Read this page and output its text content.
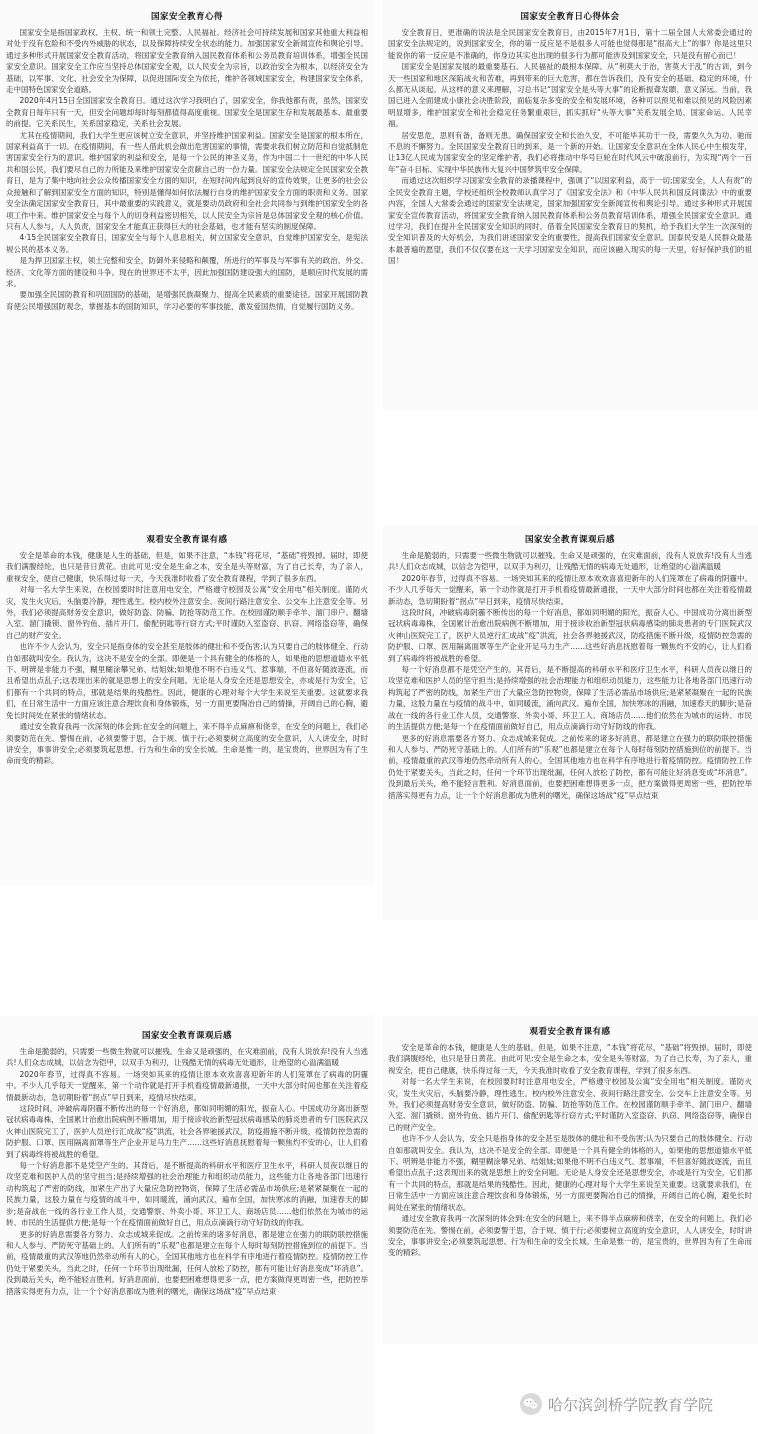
国家安全教育心得

国家安全是指国家政权、主权、统一和领土完整、人民福祉、经济社会可持续发展和国家其他重大利益相对处于没有危险和不受内外威胁的状态，以及保障持续安全状态的能力。加强国家安全新闻宣传和舆论引导。通过多种形式开展国家安全教育活动，将国家安全教育纳入国民教育体系和公务员教育培训体系，增强全民国家安全意识。国家安全工作应当坚持总体国家安全观，以人民安全为宗旨，以政治安全为根本，以经济安全为基础，以军事、文化、社会安全为保障，以促进国际安全为依托，维护各领域国家安全，构建国家安全体系，走中国特色国家安全道路。

2020年4月15日全国国家安全教育日。通过这次学习我明白了，国家安全，你我他都有责，虽然，国家安全教育日每年只有一天，但安全问题却每时每刻都值得高度重视。国家安全是国家生存和发展最基本、最重要的前提。它关系民生，关系国家稳定，关系社会发展。

尤其在疫情期间，我们大学生更应该树立安全意识，并坚持维护国家利益。国家安全是国家的根本所在，国家利益高于一切。在疫情期间，有一些人借此机会做出危害国家的事情，需要求我们树立防范和自觉抵制危害国家安全行为的意识。维护国家的利益和安全，是每一个公民的神圣义务，作为中国二十一世纪的中华人民共和国公民，我们要尽自己的力所能及来维护国家安全贡献自己的一份力量。国家安全法规定全民国家安全教育日，是为了集中地向社会公众传播国家安全方面的知识，在短时间内起到良好的宣传效果，让更多的社会公众接触和了解到国家安全方面的知识，特别是懂得如何依法履行自身的维护国家安全方面的职责和义务。国家安全法确定国家安全教育日，其中最重要的实践意义，就是要动员政府和全社会共同参与到维护国家安全的各项工作中来。维护国家安全与每个人的切身利益密切相关，以人民安全为宗旨是总体国家安全观的核心价值。只有人人参与，人人负责，国家安全才能真正获得巨大的社会基础，也才能有坚实的制度保障。

4·15全民国家安全教育日，国家安全与每个人息息相关，树立国家安全意识，自觉维护国家安全，是宪法规公民的基本义务。

是为捍卫国家主权，领土完整和安全，防御外来侵略和颠覆，所进行的军事及与军事有关的政治、外交、经济、文化等方面的建设和斗争。现在的世界还不太平，因此加强国防建设强大的国防，是顺应时代发展的需求。

要加强全民国防教育和巩固国防的基础，是增强民族凝聚力、提高全民素质的重要途径。国家开展国防教育使公民增强国防观念，掌握基本的国防知识，学习必要的军事技能，激发爱国热情，自觉履行国防义务。

国家安全教育日心得体会

安全教育日，更准确的说法是全民国家安全教育日，由2015年7月1日，第十二届全国人大常委会通过的国家安全法规定的，说到国家安全，你的第一反应是不是很多人可能也觉得那是“很高大上”的事？你是这里只能说你的第一反应是不准确的，你身边其实也出现的很多行为都可能涉及到国家安全，只是没有留心而已！

国家安全是国家发展的最重要基石、人民福祉的最根本保障。从“利莫大于治，害莫大于乱”的古训，到今天一些国家和地区深陷战火和苦难，再到带来的巨大危害，都在告诉我们，没有安全的基础、稳定的环境，什么都无从谈起。从这样的意义来理解，习总书记“国家安全是头等大事”的论断振聋发聩、意义深远。当前，我国已进入全面建成小康社会决胜阶段，面临复杂多变的安全和发展环境，各种可以预见和难以预见的风险因素明显增多，维护国家安全和社会稳定任务繁重艰巨，抓实抓好“头等大事”关系发展全局、国家命运、人民幸福。

居安思危，思则有备，备则无患。确保国家安全和长治久安，不可能毕其功于一役，需要久久为功、驰而不息的不懈努力。全民国家安全教育日的到来，是一个新的开始。让国家安全意识在全体人民心中生根发芽，让13亿人民成为国家安全的坚定维护者，我们必将推动中华号巨轮在时代风云中破浪前行，为实现“两个一百年”奋斗目标、实现中华民族伟大复兴中国梦筑牢安全保障。

而通过这次组织学习国家安全教育的录播课程中，强调了“以国家利益，高于一切;国家安全，人人有责”的全民安全教育主题，学校还组织全校教师认真学习了《国家安全法》和《中华人民共和国反间谍法》中的重要内容，全国人大常委会通过的国家安全法规定，国家加强国家安全新闻宣传和舆论引导。通过多种形式开展国家安全宣传教育活动，将国家安全教育纳入国民教育体系和公务员教育培训体系，增强全民国家安全意识。通过学习，我们在提升全民国家安全知识的同时，借着全民国家安全教育日的契机，给予我们大学生一次深刻的安全知识普及的大好机会，为我们讲述国家安全的重要性，提高我们国家安全意识。国泰民安是人民群众最基本最普遍的愿望，我们不仅仅要在这一天学习国家安全知识，而应该融入现实的每一天里，好好保护我们的祖国！

观看安全教育课有感

安全是革命的本钱，健康是人生的基础，但是，如果不注意，“本钱”将花尽，“基础”将毁掉。届时，即使我们满腹经纶，也只是昔日黄花。由此可见:安全是生命之本，安全是头等财富，为了自己长寿，为了亲人，重视安全，使自己健康，快乐得过每一天，今天我准时收看了安全教育课程，学到了很多东西。

对每一名大学生来说，在校园要时时注意用电安全，严格遵守校园及公寓“安全用电”相关制度。谨防火灾，发生火灾后，头脑要冷静，理性逃生。校内校外注意安全、夜间行路注意安全、公交车上注意安全等。另外，我们必须提高财务安全意识，做好防盗、防骗、防抢等防范工作。在校园谨防顺手牵羊、溜门串户、翻墙入室、溜门撬锁、窗外钓鱼、插片开门、偷配钥匙等行窃方式;平时谨防入室盗窃、扒窃、网络盗窃等，确保自己的财产安全。

也许不少人会认为，安全只是指身体的安全甚至是肢体的健壮和不受伤害;认为只要自己的肢体健全、行动自如那就叫安全。我认为，这决不是安全的全部。即便是一个具有健全的体格的人，如果他的思想道德水平低下、明辨是非能力不强，糊里糊涂攀兄弟、结姐妹;如果他不明不白违义气、惹事端，不但喜好随波逐流，而且希望出点乱子;这表现出来的就是思想上的安全问题。无论是人身安全还是思想安全，亦或是行为安全，它们都有一个共同的特点，那就是结果的残酷性。因此，健康的心理对每个大学生来说至关重要。这就要求我们，在日常生活中一方面应该注意合理饮食和身体锻炼，另一方面更要陶冶自己的情操，开阔自己的心胸，避免长时间处在紧张的情绪状态。

通过安全教育我再一次深刻的体会到:在安全的问题上，来不得半点麻痹和侥幸，在安全的问题上，我们必须要防范在先、警惕在前，必须要警于思，合于规、慎于行;必须要树立高度的安全意识，人人讲安全，时时讲安全，事事讲安全;必须要筑起思想、行为和生命的安全长城。生命是惟一的，是宝贵的，世界因为有了生命而变的精彩。

国家安全教育课观后感

生命是脆弱的，只需要一些微生物就可以摧残。生命又是顽强的，在灾难面前，没有人说放弃!没有人当逃兵!人们众志成城，以信念为铠甲，以双手为利刃，让残酷无情的病毒无处遁形，让绝望的心溢满温暖

2020年春节，过得真不容易。一场突如其来的疫情让原本欢欢喜喜迎新年的人们笼罩在了病毒的阴霾中。不少人几乎每天一觉醒来，第一个动作就是打开手机看疫情最新通报，一天中大部分时间也都在关注着疫情最新动态，急切期盼着“拐点”早日到来，疫情尽快结束。

这段时间，冲破病毒阴霾不断传出的每一个好消息，都如同明媚的阳光，振奋人心。中国成功分离出新型冠状病毒毒株，全国累计治愈出院病例不断增加，用于接诊收治新型冠状病毒感染的肺炎患者的专门医院武汉火神山医院完工了，医护人员逆行汇成战“疫”洪流，社会各界驰援武汉，防疫措施不断升级，疫情防控急需的防护服、口罩、医用隔离面罩等生产企业开足马力生产……这些好消息抚慰着每一颗焦灼不安的心，让人们看到了病毒终将被战胜的希望。

每一个好消息都不是凭空产生的。其背后，是不断提高的科研水平和医疗卫生水平，科研人员夜以继日的攻坚克难和医护人员的坚守担当;是持续增强的社会治理能力和组织动员能力，这些能力让各地各部门迅速行动构筑起了严密的防线，加紧生产出了大量应急防控物资，保障了生活必需品市场供应;是紧紧凝聚在一起的民族力量，这股力量在与疫情的战斗中，如同暖流，涌向武汉、遍布全国，加快寒冰的消融，加速春天的脚步;是奋战在一线的各行业工作人员，交通警察、外卖小哥、环卫工人、商场店员……他们依然在为城市的运转、市民的生活提供方便;是每一个在疫情面前做好自己，用点点滴滴行动守好防线的你我。

更多的好消息需要各方努力、众志成城来促成。之前传来的诸多好消息，都是建立在强力的联防联控措施和人人参与、严防死守基础上的。人们所有的“乐观”也都是建立在每个人每时每刻防控措施到位的前提下。当前，疫情最重的武汉等地仍然牵动所有人的心，全国其他地方也在科学有序地进行着疫情防控。疫情防控工作仍处于紧要关头，当此之时，任何一个环节出现纰漏，任何人放松了防控，都有可能让好消息变成“坏消息”。没到最后关头，绝不能轻言胜利。好消息面前，也要把困难想得更多一点，把方案做得更周密一些，把防控举措落实得更有力点，让一个个好消息都成为胜利的曙光，确保这场战“疫”早点结束

国家安全教育课观后感

生命是脆弱的，只需要一些微生物就可以摧残。生命又是顽强的，在灾难面前，没有人说放弃!没有人当逃兵!人们众志成城，以信念为铠甲，以双手为利刃，让残酷无情的病毒无处遁形，让绝望的心溢满温暖

2020年春节，过得真不容易。一场突如其来的疫情让原本欢欢喜喜迎新年的人们笼罩在了病毒的阴霾中。不少人几乎每天一觉醒来，第一个动作就是打开手机看疫情最新通报，一天中大部分时间也都在关注着疫情最新动态，急切期盼着“拐点”早日到来，疫情尽快结束。

这段时间，冲破病毒阴霾不断传出的每一个好消息，都如同明媚的阳光，振奋人心。中国成功分离出新型冠状病毒毒株，全国累计治愈出院病例不断增加，用于接诊收治新型冠状病毒感染的肺炎患者的专门医院武汉火神山医院完工了，医护人员逆行汇成战“疫”洪流，社会各界驰援武汉，防疫措施不断升级，疫情防控急需的防护服、口罩、医用隔离面罩等生产企业开足马力生产……这些好消息抚慰着每一颗焦灼不安的心，让人们看到了病毒终将被战胜的希望。

每一个好消息都不是凭空产生的。其背后，是不断提高的科研水平和医疗卫生水平，科研人员夜以继日的攻坚克难和医护人员的坚守担当;是持续增强的社会治理能力和组织动员能力，这些能力让各地各部门迅速行动构筑起了严密的防线，加紧生产出了大量应急防控物资，保障了生活必需品市场供应;是紧紧凝聚在一起的民族力量，这股力量在与疫情的战斗中，如同暖流，涌向武汉、遍布全国，加快寒冰的消融，加速春天的脚步;是奋战在一线的各行业工作人员，交通警察、外卖小哥、环卫工人、商场店员……他们依然在为城市的运转、市民的生活提供方便;是每一个在疫情面前做好自己，用点点滴滴行动守好防线的你我。

更多的好消息需要各方努力、众志成城来促成。之前传来的诸多好消息，都是建立在强力的联防联控措施和人人参与、严防死守基础上的。人们所有的“乐观”也都是建立在每个人每时每刻防控措施到位的前提下。当前，疫情最重的武汉等地仍然牵动所有人的心，全国其他地方也在科学有序地进行着疫情防控。疫情防控工作仍处于紧要关头，当此之时，任何一个环节出现纰漏，任何人放松了防控，都有可能让好消息变成“坏消息”。没到最后关头，绝不能轻言胜利。好消息面前，也要把困难想得更多一点，把方案做得更周密一些，把防控举措落实得更有力点，让一个个好消息都成为胜利的曙光，确保这场战“疫”早点结束

观看安全教育课有感

安全是革命的本钱，健康是人生的基础，但是，如果不注意，“本钱”将花尽，“基础”将毁掉。届时，即使我们满腹经纶，也只是昔日黄花。由此可见:安全是生命之本，安全是头等财富，为了自己长寿，为了亲人，重视安全，使自己健康，快乐得过每一天，今天我准时收看了安全教育课程，学到了很多东西。

对每一名大学生来说，在校园要时时注意用电安全，严格遵守校园及公寓“安全用电”相关制度。谨防火灾，发生火灾后，头脑要冷静，理性逃生。校内校外注意安全、夜间行路注意安全、公交车上注意安全等。另外，我们必须提高财务安全意识，做好防盗、防骗、防抢等防范工作。在校园谨防顺手牵羊、溜门串户、翻墙入室、溜门撬锁、窗外钓鱼、插片开门、偷配钥匙等行窃方式;平时谨防入室盗窃、扒窃、网络盗窃等，确保自己的财产安全。

也许不少人会认为，安全只是指身体的安全甚至是肢体的健壮和不受伤害;认为只要自己的肢体健全、行动自如那就叫安全。我认为，这决不是安全的全部。即便是一个具有健全的体格的人，如果他的思想道德水平低下、明辨是非能力不强，糊里糊涂攀兄弟、结姐妹;如果他不明不白违义气、惹事端，不但喜好随波逐流，而且希望出点乱子;这表现出来的就是思想上的安全问题。无论是人身安全还是思想安全，亦或是行为安全，它们都有一个共同的特点，那就是结果的残酷性。因此，健康的心理对每个大学生来说至关重要。这就要求我们，在日常生活中一方面应该注意合理饮食和身体锻炼，另一方面更要陶冶自己的情操，开阔自己的心胸，避免长时间处在紧张的情绪状态。

通过安全教育我再一次深刻的体会到:在安全的问题上，来不得半点麻痹和侥幸，在安全的问题上，我们必须要防范在先、警惕在前，必须要警于思，合于规、慎于行;必须要树立高度的安全意识，人人讲安全，时时讲安全，事事讲安全;必须要筑起思想、行为和生命的安全长城。生命是惟一的，是宝贵的，世界因为有了生命而变的精彩。

哈尔滨剑桥学院教育学院
